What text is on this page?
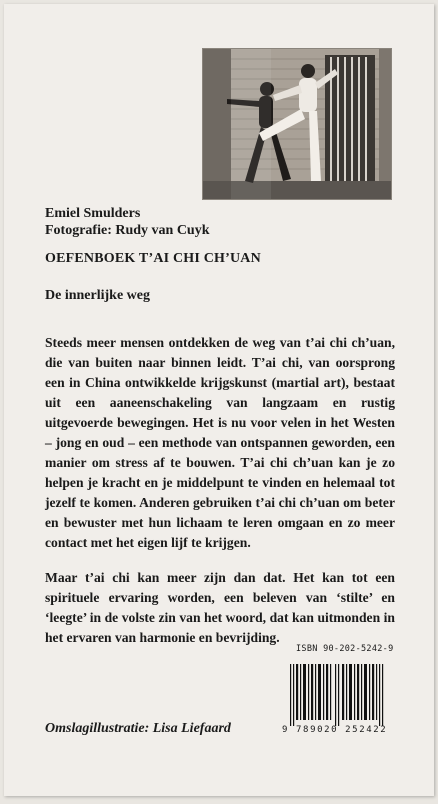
Emiel Smulders
Fotografie: Rudy van Cuyk
OEFENBOEK T’AI CHI CH’UAN
De innerlijke weg

Steeds meer mensen ontdekken de weg van t’ai chi ch’uan, die van buiten naar binnen leidt. T’ai chi, van oorsprong een in China ontwikkelde krijgskunst (martial art), bestaat uit een aaneenschakeling van langzaam en rustig uitgevoerde bewegingen. Het is nu voor velen in het Westen – jong en oud – een methode van ontspannen geworden, een manier om stress af te bouwen. T’ai chi ch’uan kan je zo helpen je kracht en je middelpunt te vinden en helemaal tot jezelf te komen. Anderen gebruiken t’ai chi ch’uan om beter en bewuster met hun lichaam te leren omgaan en zo meer contact met het eigen lijf te krijgen.

Maar t’ai chi kan meer zijn dan dat. Het kan tot een spirituele ervaring worden, een beleven van ‘stilte’ en ‘leegte’ in de volste zin van het woord, dat kan uitmonden in het ervaren van harmonie en bevrijding.

ISBN 90-202-5242-9
9 789020 252422
Omslagillustratie: Lisa Liefaard
